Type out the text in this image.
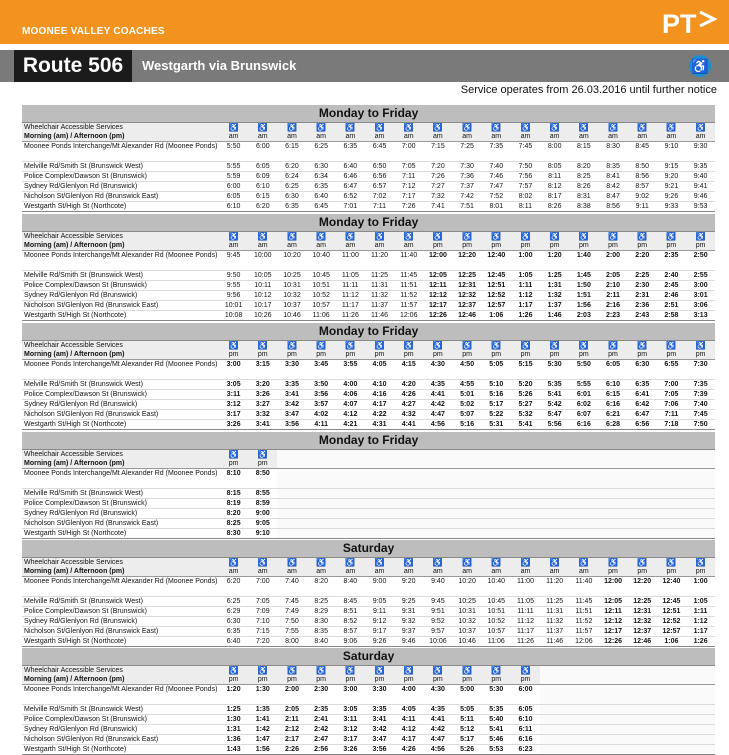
MOONEE VALLEY COACHES	PT
Route 506	Westgarth via Brunswick	♿
Service operates from 26.03.2016 until further notice
Monday to Friday																	
Wheelchair Accessible Services	♿	♿	♿	♿	♿	♿	♿	♿	♿	♿	♿	♿	♿	♿	♿	♿	♿
Morning (am) / Afternoon (pm)	am	am	am	am	am	am	am	am	am	am	am	am	am	am	am	am	am
Moonee Ponds Interchange/Mt Alexander Rd (Moonee Ponds)	5:50	6:00	6:15	6:25	6:35	6:45	7:00	7:15	7:25	7:35	7:45	8:00	8:15	8:30	8:45	9:10	9:30
Melville Rd/Smith St (Brunswick West)	5:55	6:05	6:20	6:30	6:40	6:50	7:05	7:20	7:30	7:40	7:50	8:05	8:20	8:35	8:50	9:15	9:35
Police Complex/Dawson St (Brunswick)	5:59	6:09	6:24	6:34	6:46	6:56	7:11	7:26	7:36	7:46	7:56	8:11	8:25	8:41	8:56	9:20	9:40
Sydney Rd/Glenlyon Rd (Brunswick)	6:00	6:10	6:25	6:35	6:47	6:57	7:12	7:27	7:37	7:47	7:57	8:12	8:26	8:42	8:57	9:21	9:41
Nicholson St/Glenlyon Rd (Brunswick East)	6:05	6:15	6:30	6:40	6:52	7:02	7:17	7:32	7:42	7:52	8:02	8:17	8:31	8:47	9:02	9:26	9:46
Westgarth St/High St (Northcote)	6:10	6:20	6:35	6:45	7:01	7:11	7:26	7:41	7:51	8:01	8:11	8:26	8:38	8:56	9:11	9:33	9:53
Monday to Friday																	
Wheelchair Accessible Services	♿	♿	♿	♿	♿	♿	♿	♿	♿	♿	♿	♿	♿	♿	♿	♿	♿
Morning (am) / Afternoon (pm)	am	am	am	am	am	am	am	pm	pm	pm	pm	pm	pm	pm	pm	pm	pm
Moonee Ponds Interchange/Mt Alexander Rd (Moonee Ponds)	9:45	10:00	10:20	10:40	11:00	11:20	11:40	12:00	12:20	12:40	1:00	1:20	1:40	2:00	2:20	2:35	2:50
Melville Rd/Smith St (Brunswick West)	9:50	10:05	10:25	10:45	11:05	11:25	11:45	12:05	12:25	12:45	1:05	1:25	1:45	2:05	2:25	2:40	2:55
Police Complex/Dawson St (Brunswick)	9:55	10:11	10:31	10:51	11:11	11:31	11:51	12:11	12:31	12:51	1:11	1:31	1:50	2:10	2:30	2:45	3:00
Sydney Rd/Glenlyon Rd (Brunswick)	9:56	10:12	10:32	10:52	11:12	11:32	11:52	12:12	12:32	12:52	1:12	1:32	1:51	2:11	2:31	2:46	3:01
Nicholson St/Glenlyon Rd (Brunswick East)	10:01	10:17	10:37	10:57	11:17	11:37	11:57	12:17	12:37	12:57	1:17	1:37	1:56	2:16	2:36	2:51	3:06
Westgarth St/High St (Northcote)	10:08	10:26	10:46	11:06	11:26	11:46	12:06	12:26	12:46	1:06	1:26	1:46	2:03	2:23	2:43	2:58	3:13
Monday to Friday																	
Wheelchair Accessible Services	♿	♿	♿	♿	♿	♿	♿	♿	♿	♿	♿	♿	♿	♿	♿	♿	♿
Morning (am) / Afternoon (pm)	pm	pm	pm	pm	pm	pm	pm	pm	pm	pm	pm	pm	pm	pm	pm	pm	pm
Moonee Ponds Interchange/Mt Alexander Rd (Moonee Ponds)	3:00	3:15	3:30	3:45	3:55	4:05	4:15	4:30	4:50	5:05	5:15	5:30	5:50	6:05	6:30	6:55	7:30
Melville Rd/Smith St (Brunswick West)	3:05	3:20	3:35	3:50	4:00	4:10	4:20	4:35	4:55	5:10	5:20	5:35	5:55	6:10	6:35	7:00	7:35
Police Complex/Dawson St (Brunswick)	3:11	3:26	3:41	3:56	4:06	4:16	4:26	4:41	5:01	5:16	5:26	5:41	6:01	6:15	6:41	7:05	7:39
Sydney Rd/Glenlyon Rd (Brunswick)	3:12	3:27	3:42	3:57	4:07	4:17	4:27	4:42	5:02	5:17	5:27	5:42	6:02	6:16	6:42	7:06	7:40
Nicholson St/Glenlyon Rd (Brunswick East)	3:17	3:32	3:47	4:02	4:12	4:22	4:32	4:47	5:07	5:22	5:32	5:47	6:07	6:21	6:47	7:11	7:45
Westgarth St/High St (Northcote)	3:26	3:41	3:56	4:11	4:21	4:31	4:41	4:56	5:16	5:31	5:41	5:56	6:16	6:28	6:56	7:18	7:50
Monday to Friday																	
Wheelchair Accessible Services	♿	♿															
Morning (am) / Afternoon (pm)	pm	pm															
Moonee Ponds Interchange/Mt Alexander Rd (Moonee Ponds)	8:10	8:50															
Melville Rd/Smith St (Brunswick West)	8:15	8:55															
Police Complex/Dawson St (Brunswick)	8:19	8:59															
Sydney Rd/Glenlyon Rd (Brunswick)	8:20	9:00															
Nicholson St/Glenlyon Rd (Brunswick East)	8:25	9:05															
Westgarth St/High St (Northcote)	8:30	9:10															
Saturday																	
Wheelchair Accessible Services	♿	♿	♿	♿	♿	♿	♿	♿	♿	♿	♿	♿	♿	♿	♿	♿	♿
Morning (am) / Afternoon (pm)	am	am	am	am	am	am	am	am	am	am	am	am	am	pm	pm	pm	pm
Moonee Ponds Interchange/Mt Alexander Rd (Moonee Ponds)	6:20	7:00	7:40	8:20	8:40	9:00	9:20	9:40	10:20	10:40	11:00	11:20	11:40	12:00	12:20	12:40	1:00
Melville Rd/Smith St (Brunswick West)	6:25	7:05	7:45	8:25	8:45	9:05	9:25	9:45	10:25	10:45	11:05	11:25	11:45	12:05	12:25	12:45	1:05
Police Complex/Dawson St (Brunswick)	6:29	7:09	7:49	8:29	8:51	9:11	9:31	9:51	10:31	10:51	11:11	11:31	11:51	12:11	12:31	12:51	1:11
Sydney Rd/Glenlyon Rd (Brunswick)	6:30	7:10	7:50	8:30	8:52	9:12	9:32	9:52	10:32	10:52	11:12	11:32	11:52	12:12	12:32	12:52	1:12
Nicholson St/Glenlyon Rd (Brunswick East)	6:35	7:15	7:55	8:35	8:57	9:17	9:37	9:57	10:37	10:57	11:17	11:37	11:57	12:17	12:37	12:57	1:17
Westgarth St/High St (Northcote)	6:40	7:20	8:00	8:40	9:06	9:26	9:46	10:06	10:46	11:06	11:26	11:46	12:06	12:26	12:46	1:06	1:26
Saturday																	
Wheelchair Accessible Services	♿	♿	♿	♿	♿	♿	♿	♿	♿	♿	♿						
Morning (am) / Afternoon (pm)	pm	pm	pm	pm	pm	pm	pm	pm	pm	pm	pm						
Moonee Ponds Interchange/Mt Alexander Rd (Moonee Ponds)	1:20	1:30	2:00	2:30	3:00	3:30	4:00	4:30	5:00	5:30	6:00						
Melville Rd/Smith St (Brunswick West)	1:25	1:35	2:05	2:35	3:05	3:35	4:05	4:35	5:05	5:35	6:05						
Police Complex/Dawson St (Brunswick)	1:30	1:41	2:11	2:41	3:11	3:41	4:11	4:41	5:11	5:40	6:10						
Sydney Rd/Glenlyon Rd (Brunswick)	1:31	1:42	2:12	2:42	3:12	3:42	4:12	4:42	5:12	5:41	6:11						
Nicholson St/Glenlyon Rd (Brunswick East)	1:36	1:47	2:17	2:47	3:17	3:47	4:17	4:47	5:17	5:46	6:16						
Westgarth St/High St (Northcote)	1:43	1:56	2:26	2:56	3:26	3:56	4:26	4:56	5:26	5:53	6:23						
